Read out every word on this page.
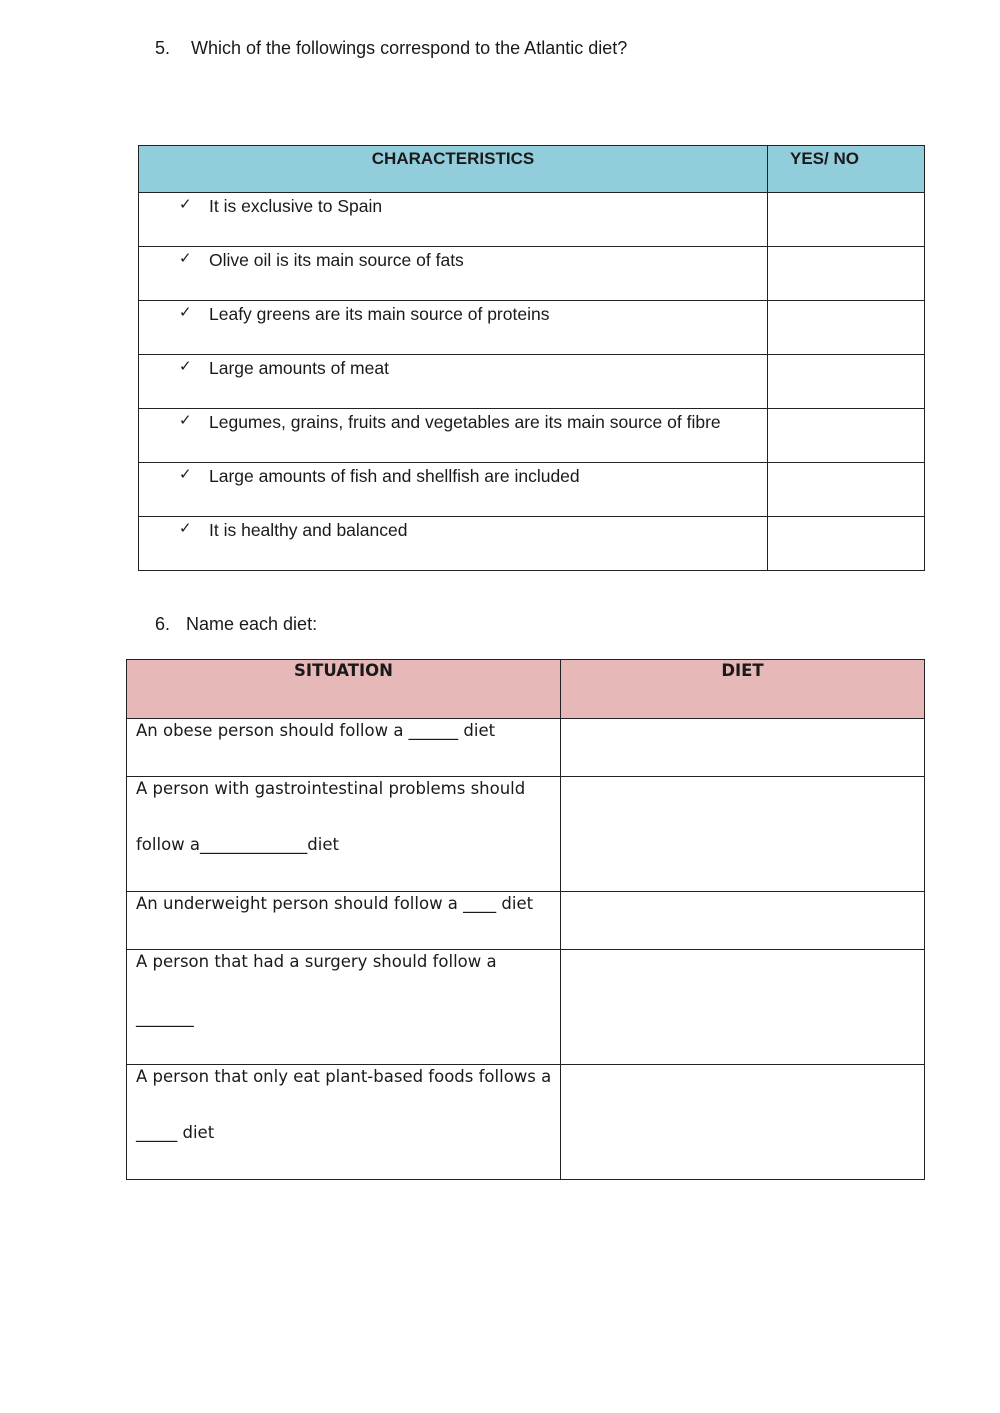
5. Which of the followings correspond to the Atlantic diet?
CHARACTERISTICS	YES/ NO

✓ It is exclusive to Spain	

✓ Olive oil is its main source of fats	

✓ Leafy greens are its main source of proteins	

✓ Large amounts of meat	

✓ Legumes, grains, fruits and vegetables are its main source of fibre	

✓ Large amounts of fish and shellfish are included	

✓ It is healthy and balanced	

6. Name each diet:
SITUATION	DIET

An obese person should follow a ______ diet	

A person with gastrointestinal problems should
follow a_____________diet	

An underweight person should follow a ____ diet	

A person that had a surgery should follow a
_______	

A person that only eat plant-based foods follows a
_____ diet	
